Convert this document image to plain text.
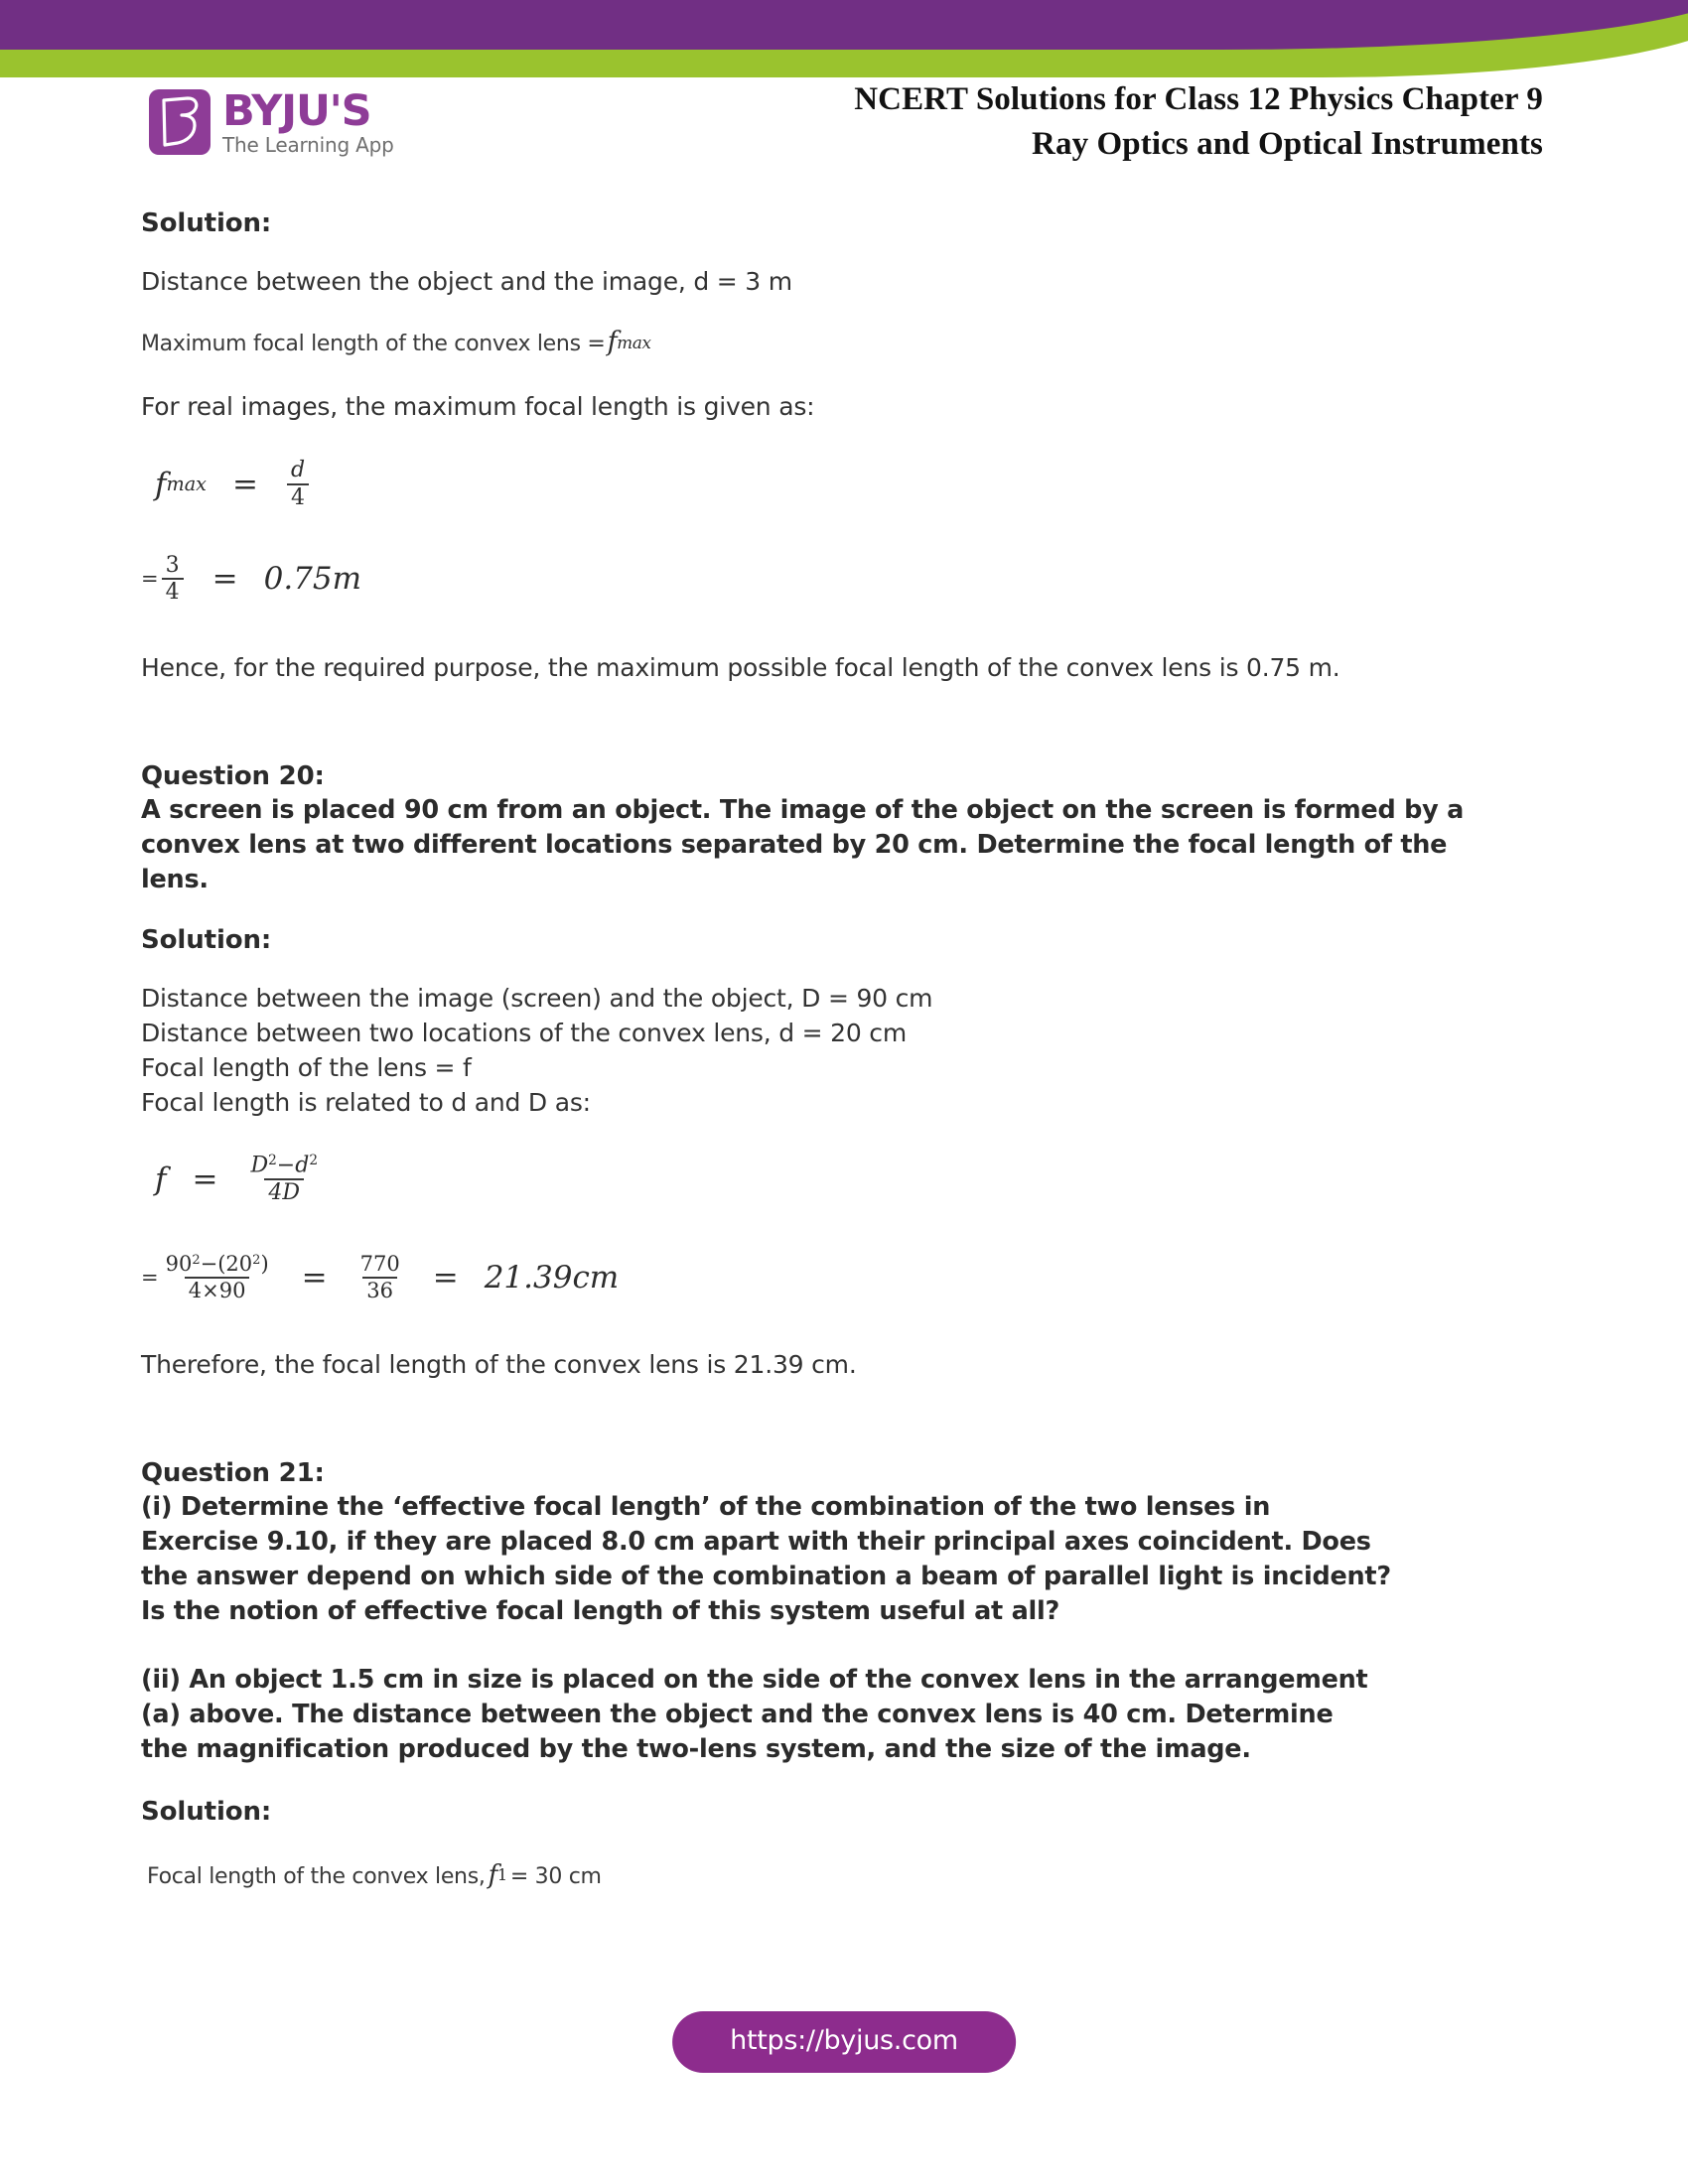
BYJU'S
The Learning App
NCERT Solutions for Class 12 Physics Chapter 9
Ray Optics and Optical Instruments
Solution:
Distance between the object and the image, d = 3 m
Maximum focal length of the convex lens = f max
For real images, the maximum focal length is given as:
f $\max = \frac{d}{4}$
= $\frac{3}{4} = 0.75m$
Hence, for the required purpose, the maximum possible focal length of the convex lens is 0.75 m.
Question 20:
A screen is placed 90 cm from an object. The image of the object on the screen is formed by a
convex lens at two different locations separated by 20 cm. Determine the focal length of the
lens.
Solution:
Distance between the image (screen) and the object, D = 90 cm
Distance between two locations of the convex lens, d = 20 cm
Focal length of the lens = f
Focal length is related to d and D as:
$f = \frac{D2-d2}{4D}$
= $\frac{902-(202)}{4\times 90} = \frac{770}{36} = 21.39cm$
Therefore, the focal length of the convex lens is 21.39 cm.
Question 21:
(i) Determine the ‘effective focal length’ of the combination of the two lenses in
Exercise 9.10, if they are placed 8.0 cm apart with their principal axes coincident. Does
the answer depend on which side of the combination a beam of parallel light is incident?
Is the notion of effective focal length of this system useful at all?
(ii) An object 1.5 cm in size is placed on the side of the convex lens in the arrangement
(a) above. The distance between the object and the convex lens is 40 cm. Determine
the magnification produced by the two-lens system, and the size of the image.
Solution:
Focal length of the convex lens, f 1 = 30 cm
https://byjus.com
